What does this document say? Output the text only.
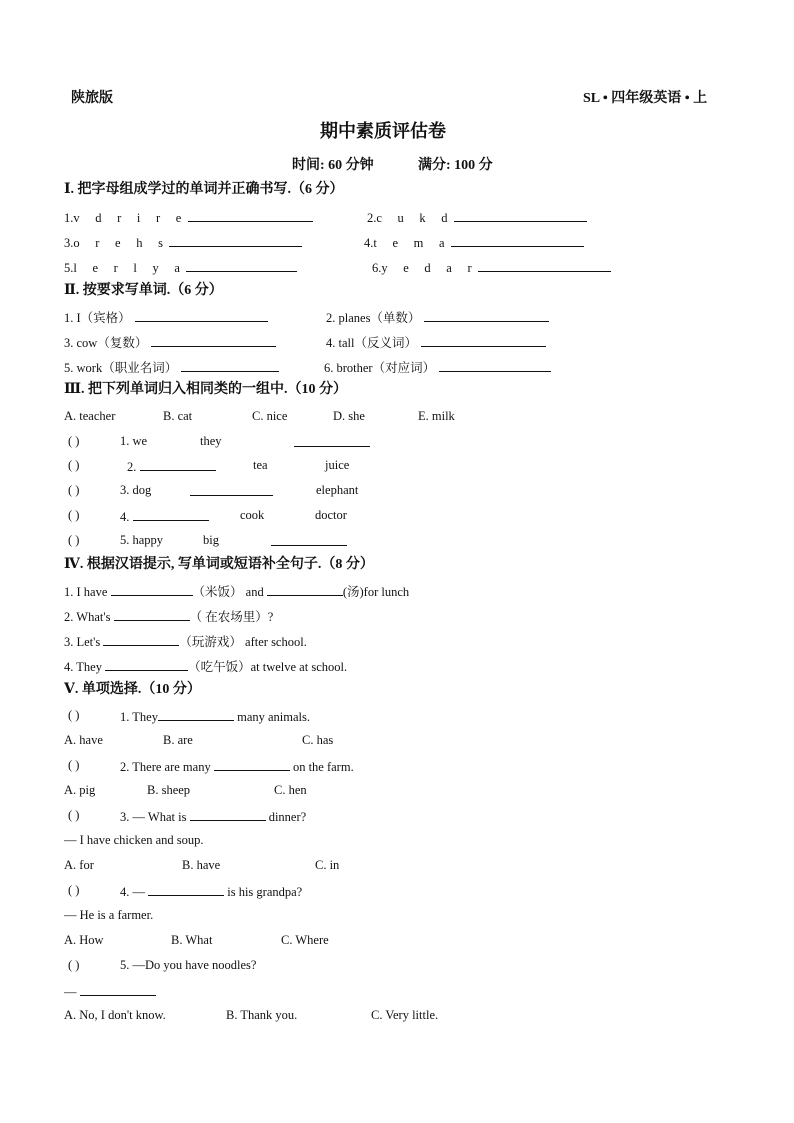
陕旅版	SL • 四年级英语 • 上
期中素质评估卷
时间: 60 分钟	满分: 100 分
Ⅰ. 把字母组成学过的单词并正确书写.（6 分）
1.v d r i r e	2.c u k d
3.o r e h s	4.t e m a
5.l e r l y a	6.y e d a r
Ⅱ. 按要求写单词.（6 分）
1. I（宾格）	2. planes（单数）
3. cow（复数）	4. tall（反义词）
5. work（职业名词）	6. brother（对应词）
Ⅲ. 把下列单词归入相同类的一组中.（10 分）
A. teacher	B. cat	C. nice	D. she	E. milk
( )	1. we	they
( )	2.	tea	juice
( )	3. dog	elephant
( )	4.	cook	doctor
( )	5. happy	big
Ⅳ. 根据汉语提示, 写单词或短语补全句子.（8 分）
1. I have	（米饭） and	(汤)for lunch
2. What's	（ 在农场里）?
3. Let's	（玩游戏） after school.
4. They	（吃午饭）at twelve at school.
Ⅴ. 单项选择.（10 分）
( )	1. They	many animals.
A. have	B. are	C. has
( )	2. There are many	on the farm.
A. pig	B. sheep	C. hen
( )	3. — What is	dinner?
— I have chicken and soup.
A. for	B. have	C. in
( )	4. —	is his grandpa?
— He is a farmer.
A. How	B. What	C. Where
( )	5. —Do you have noodles?
—
A. No, I don't know.	B. Thank you.	C. Very little.
